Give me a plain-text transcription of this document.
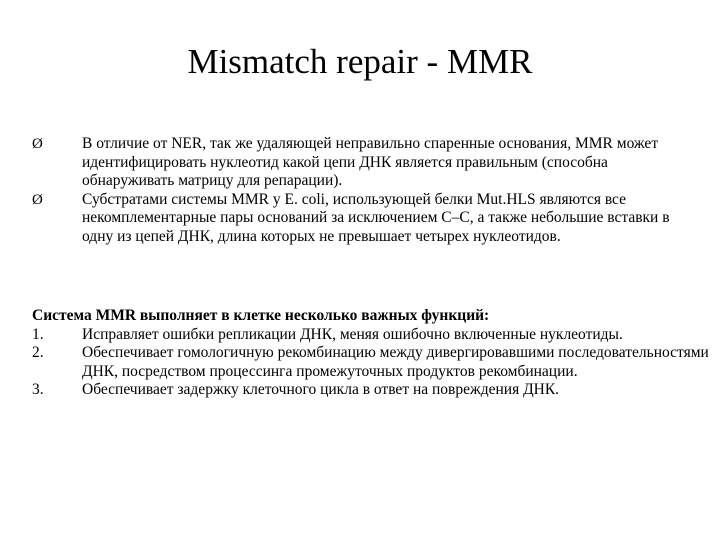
Mismatch repair - MMR
Ø	В отличие от NER, так же удаляющей неправильно спаренные основания, MMR может идентифицировать нуклеотид какой цепи ДНК является правильным (способна обнаруживать матрицу для репарации).
Ø	Субстратами системы MMR у E. coli, использующей белки Mut.HLS являются все некомплементарные пары оснований за исключением C–C, а также небольшие вставки в одну из цепей ДНК, длина которых не превышает четырех нуклеотидов.

Система MMR выполняет в клетке несколько важных функций:

1. Исправляет ошибки репликации ДНК, меняя ошибочно включенные нуклеотиды.
2. Обеспечивает гомологичную рекомбинацию между дивергировавшими последовательностями ДНК, посредством процессинга промежуточных продуктов рекомбинации.
3. Обеспечивает задержку клеточного цикла в ответ на повреждения ДНК.
